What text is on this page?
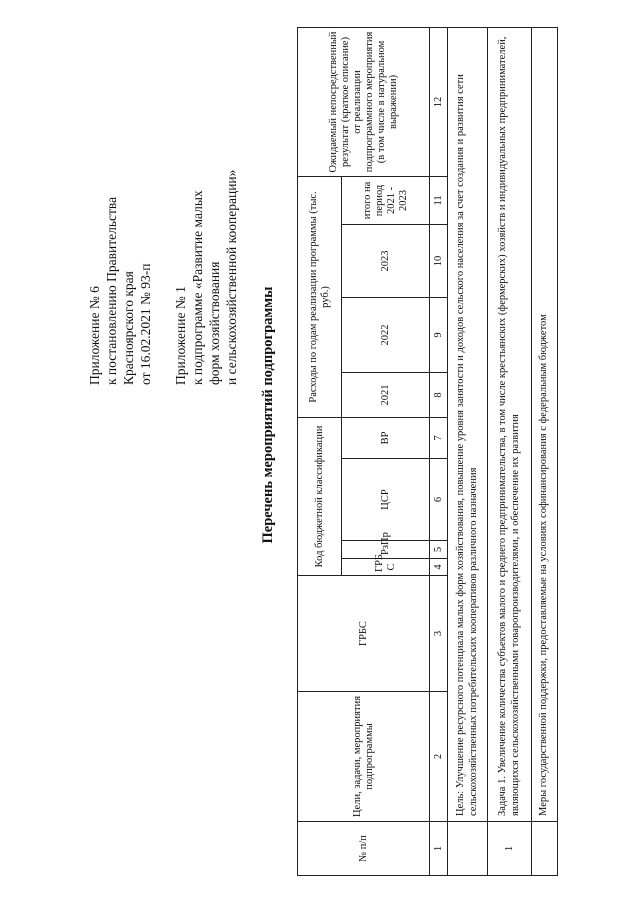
Приложение № 6 к постановлению Правительства Красноярского края от 16.02.2021 № 93-п Приложение № 1 к подпрограмме «Развитие малых форм хозяйствования и сельскохозяйственной кооперации»
Перечень мероприятий подпрограммы
№ п/п	Цели, задачи, мероприятия подпрограммы	ГРБС	Код бюджетной классификации				Расходы по годам реализации программы (тыс. руб.)				Ожидаемый непосредственный результат (краткое описание) от реализации подпрограммного мероприятия (в том числе в натуральном выражении)
			ГРБ С	РзПр	ЦСР	ВР	2021	2022	2023	итого на период 2021 - 2023	
1	2	3	4	5	6	7	8	9	10	11	12
	Цель: Улучшение ресурсного потенциала малых форм хозяйствования, повышение уровня занятости и доходов сельского населения за счет создания и развития сети сельскохозяйственных потребительских кооперативов различного назначения										
1	Задача 1. Увеличение количества субъектов малого и среднего предпринимательства, в том числе крестьянских (фермерских) хозяйств и индивидуальных предпринимателей, являющихся сельскохозяйственными товаропроизводителями, и обеспечение их развития										
	Меры государственной поддержки, предоставляемые на условиях софинансирования с федеральным бюджетом										
